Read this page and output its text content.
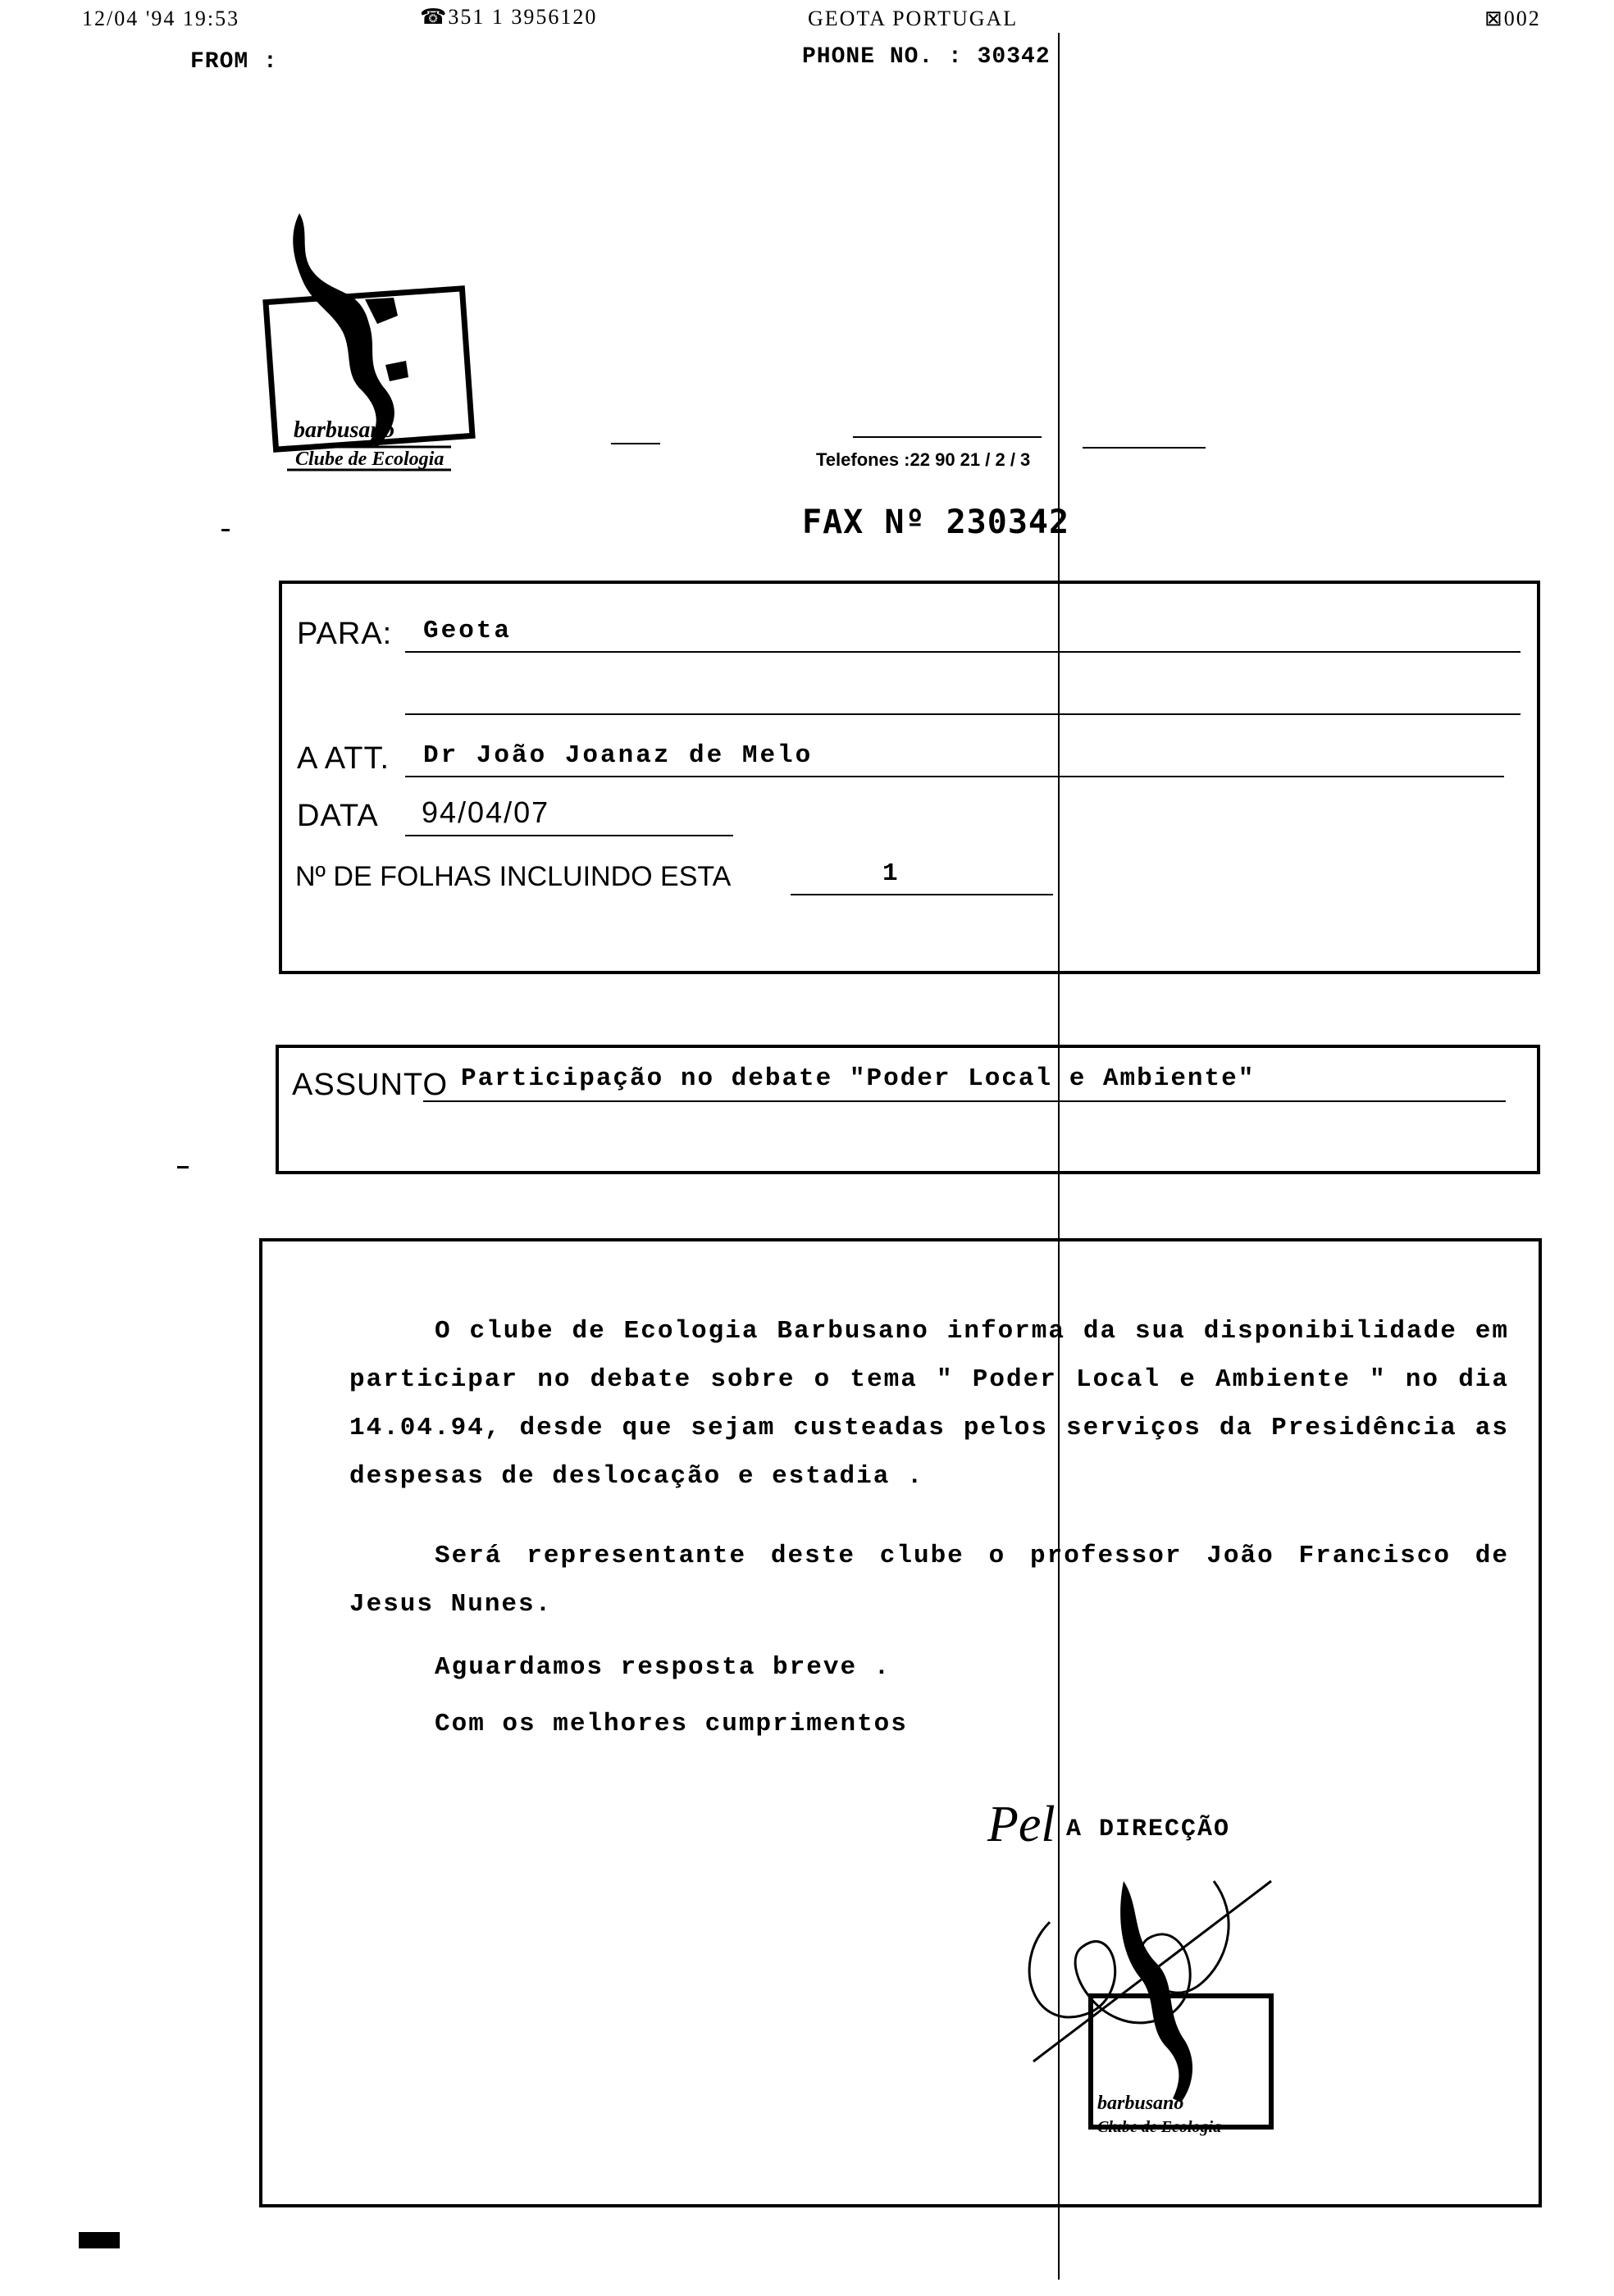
12/04 '94 19:53	☎351 1 3956120	GEOTA PORTUGAL	⊠002
FROM :	PHONE NO. : 30342
barbusano
Clube de Ecologia	Telefones :22 90 21 / 2 / 3
FAX Nº 230342
PARA: Geota
A ATT. Dr João Joanaz de Melo
DATA 94/04/07
Nº DE FOLHAS INCLUINDO ESTA	1
ASSUNTO Participação no debate "Poder Local e Ambiente"

O clube de Ecologia Barbusano informa da sua disponibilidade em participar no debate sobre o tema " Poder Local e Ambiente " no dia 14.04.94, desde que sejam custeadas pelos serviços da Presidência as despesas de deslocação e estadia .

Será representante deste clube o professor João Francisco de Jesus Nunes.

Aguardamos resposta breve .

Com os melhores cumprimentos

Pel A DIRECÇÃO
barbusano
Clube de Ecologia
